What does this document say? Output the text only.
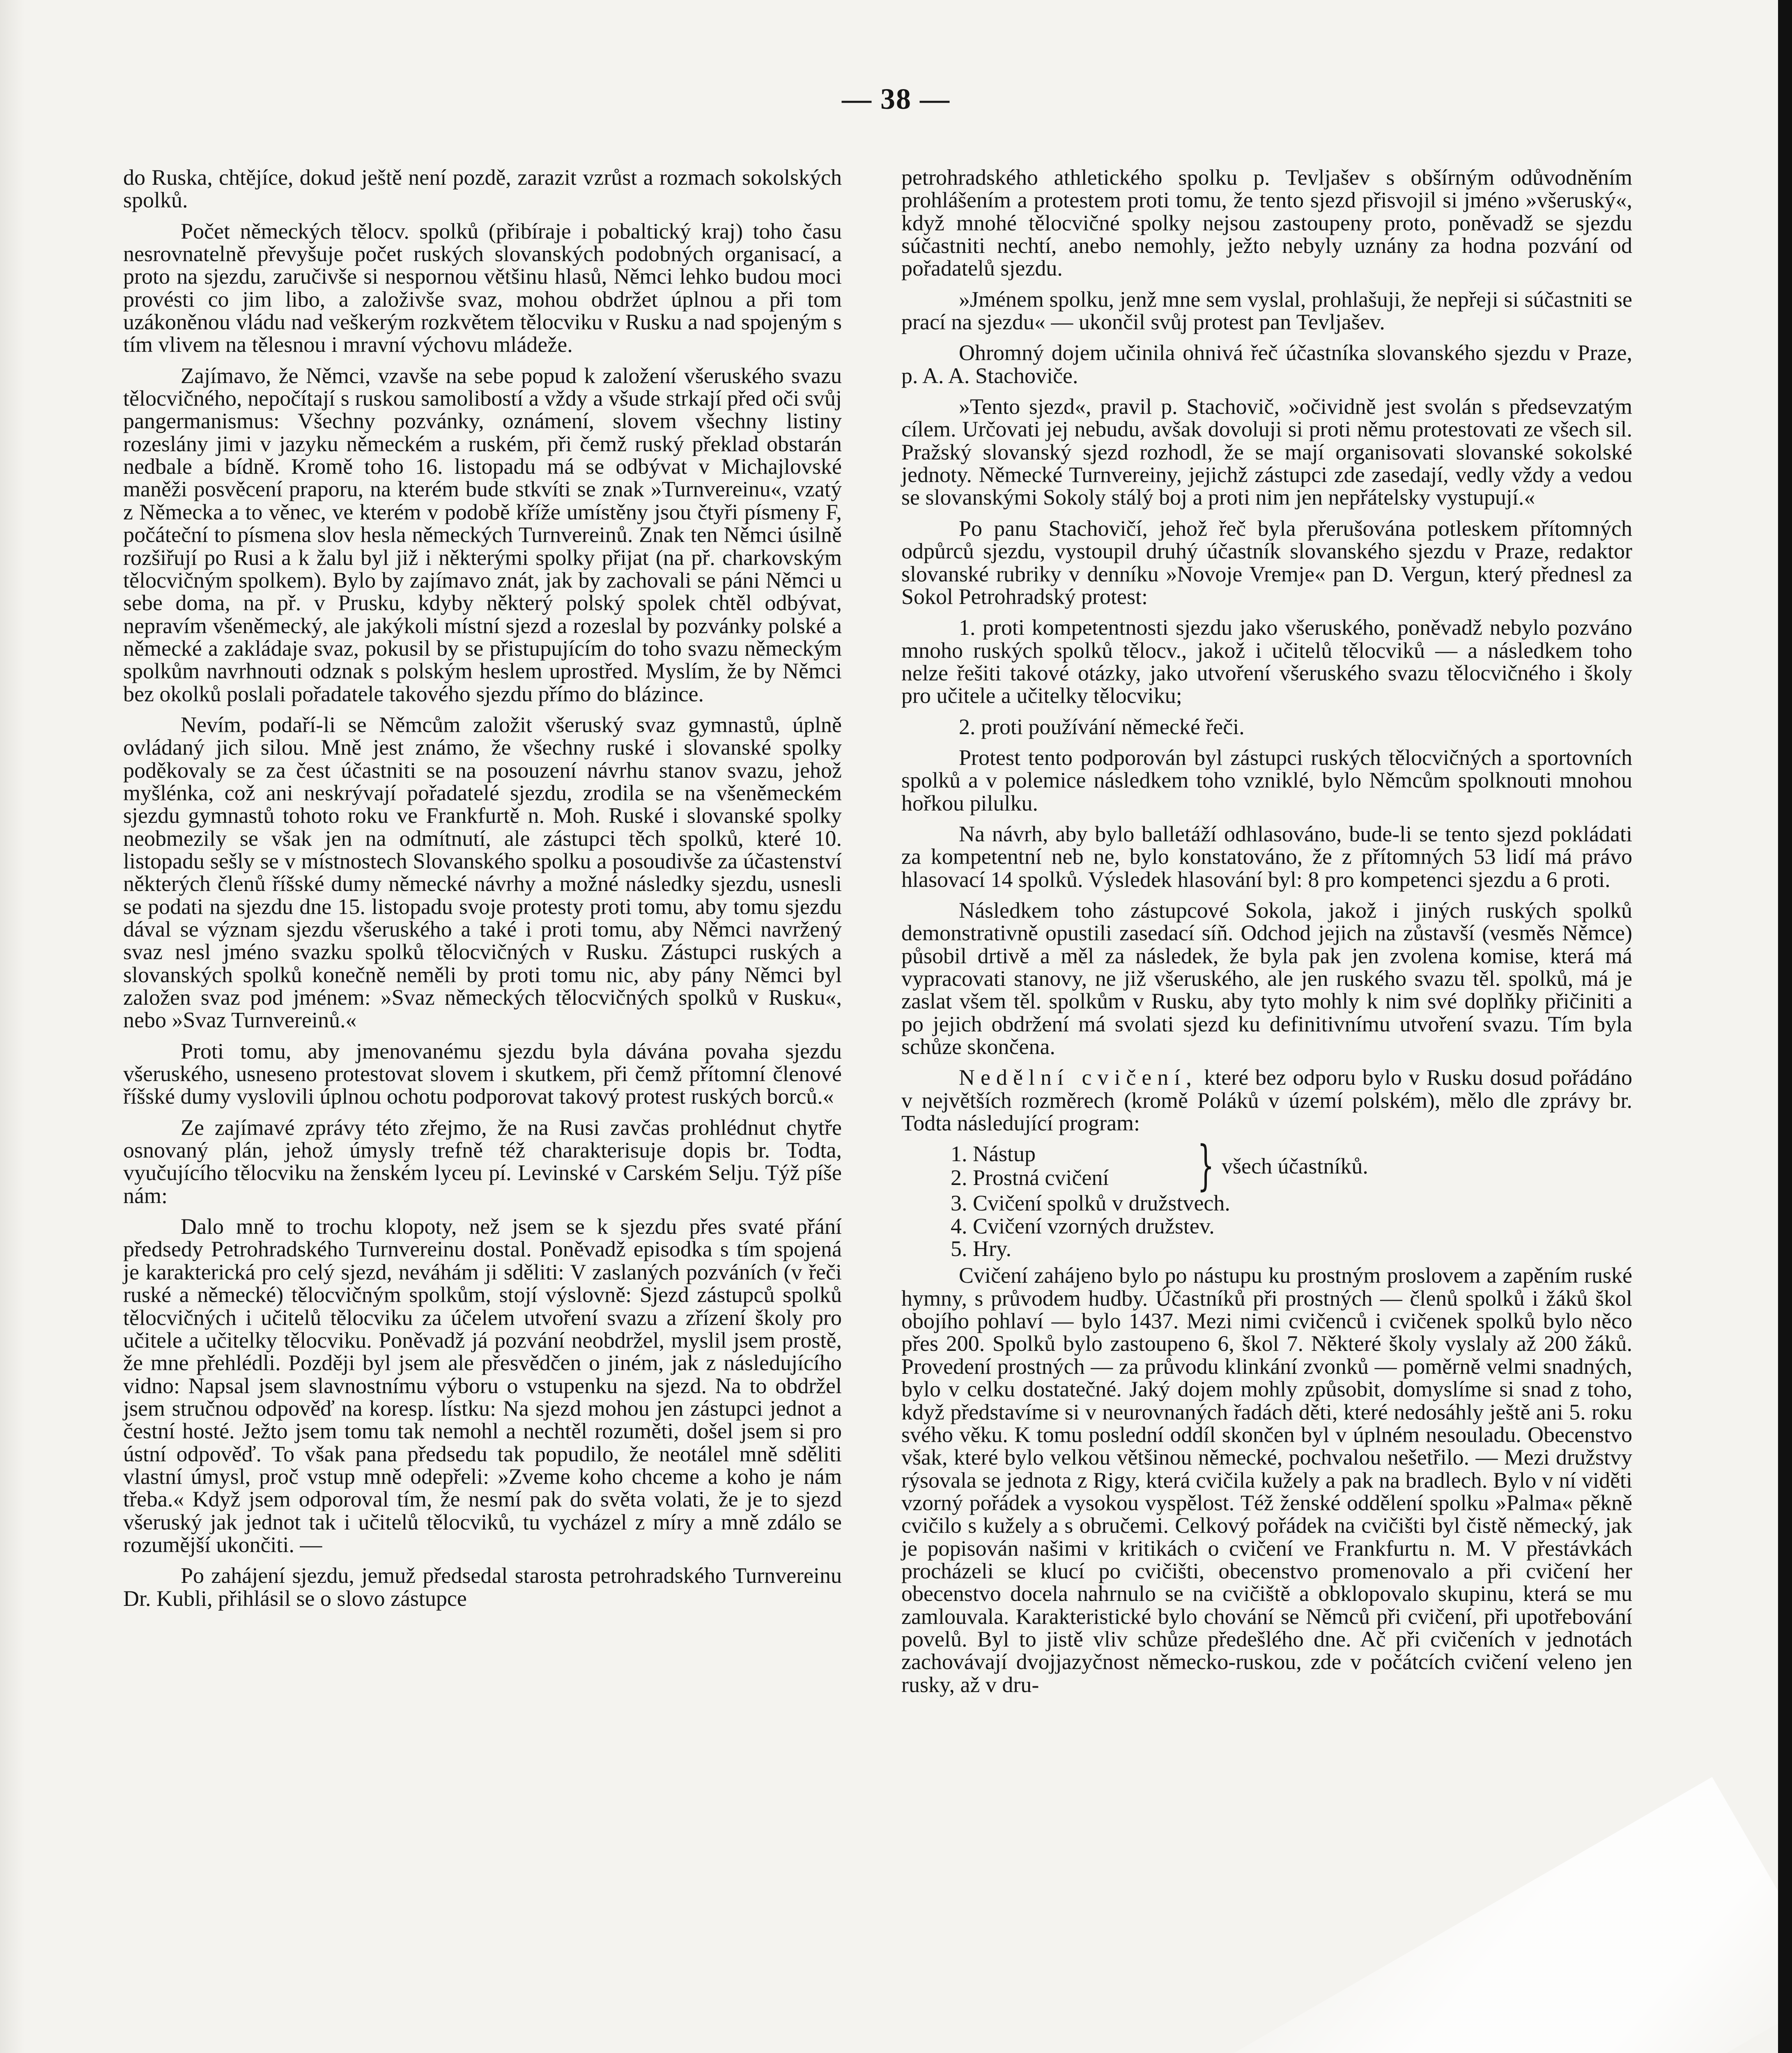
— 38 —

do Ruska, chtějíce, dokud ještě není pozdě, zarazit vzrůst a rozmach sokolských spolků.

Počet německých tělocv. spolků (přibíraje i pobaltický kraj) toho času nesrovnatelně převyšuje počet ruských slovanských podobných organisací, a proto na sjezdu, zaručivše si nespornou většinu hlasů, Němci lehko budou moci provésti co jim libo, a založivše svaz, mohou obdržet úplnou a při tom uzákoněnou vládu nad veškerým rozkvětem tělocviku v Rusku a nad spojeným s tím vlivem na tělesnou i mravní výchovu mládeže.

Zajímavo, že Němci, vzavše na sebe popud k založení všeruského svazu tělocvičného, nepočítají s ruskou samolibostí a vždy a všude strkají před oči svůj pangermanismus: Všechny pozvánky, oznámení, slovem všechny listiny rozeslány jimi v jazyku německém a ruském, při čemž ruský překlad obstarán nedbale a bídně. Kromě toho 16. listopadu má se odbývat v Michajlovské maněži posvěcení praporu, na kterém bude stkvíti se znak »Turnvereinu«, vzatý z Německa a to věnec, ve kterém v podobě kříže umístěny jsou čtyři písmeny F, počáteční to písmena slov hesla německých Turnvereinů. Znak ten Němci úsilně rozšiřují po Rusi a k žalu byl již i některými spolky přijat (na př. charkovským tělocvičným spolkem). Bylo by zajímavo znát, jak by zachovali se páni Němci u sebe doma, na př. v Prusku, kdyby některý polský spolek chtěl odbývat, nepravím všeněmecký, ale jakýkoli místní sjezd a rozeslal by pozvánky polské a německé a zakládaje svaz, pokusil by se přistupujícím do toho svazu německým spolkům navrhnouti odznak s polským heslem uprostřed. Myslím, že by Němci bez okolků poslali pořadatele takového sjezdu přímo do blázince.

Nevím, podaří-li se Němcům založit všeruský svaz gymnastů, úplně ovládaný jich silou. Mně jest známo, že všechny ruské i slovanské spolky poděkovaly se za čest účastniti se na posouzení návrhu stanov svazu, jehož myšlénka, což ani neskrývají pořadatelé sjezdu, zrodila se na všeněmeckém sjezdu gymnastů tohoto roku ve Frankfurtě n. Moh. Ruské i slovanské spolky neobmezily se však jen na odmítnutí, ale zástupci těch spolků, které 10. listopadu sešly se v místnostech Slovanského spolku a posoudivše za účastenství některých členů říšské dumy německé návrhy a možné následky sjezdu, usnesli se podati na sjezdu dne 15. listopadu svoje protesty proti tomu, aby tomu sjezdu dával se význam sjezdu všeruského a také i proti tomu, aby Němci navržený svaz nesl jméno svazku spolků tělocvičných v Rusku. Zástupci ruských a slovanských spolků konečně neměli by proti tomu nic, aby pány Němci byl založen svaz pod jménem: »Svaz německých tělocvičných spolků v Rusku«, nebo »Svaz Turnvereinů.«

Proti tomu, aby jmenovanému sjezdu byla dávána povaha sjezdu všeruského, usneseno protestovat slovem i skutkem, při čemž přítomní členové říšské dumy vyslovili úplnou ochotu podporovat takový protest ruských borců.«

Ze zajímavé zprávy této zřejmo, že na Rusi zavčas prohlédnut chytře osnovaný plán, jehož úmysly trefně též charakterisuje dopis br. Todta, vyučujícího tělocviku na ženském lyceu pí. Levinské v Carském Selju. Týž píše nám:

Dalo mně to trochu klopoty, než jsem se k sjezdu přes svaté přání předsedy Petrohradského Turnvereinu dostal. Poněvadž episodka s tím spojená je karakterická pro celý sjezd, neváhám ji sděliti: V zaslaných pozváních (v řeči ruské a německé) tělocvičným spolkům, stojí výslovně: Sjezd zástupců spolků tělocvičných i učitelů tělocviku za účelem utvoření svazu a zřízení školy pro učitele a učitelky tělocviku. Poněvadž já pozvání neobdržel, myslil jsem prostě, že mne přehlédli. Později byl jsem ale přesvědčen o jiném, jak z následujícího vidno: Napsal jsem slavnostnímu výboru o vstupenku na sjezd. Na to obdržel jsem stručnou odpověď na koresp. lístku: Na sjezd mohou jen zástupci jednot a čestní hosté. Ježto jsem tomu tak nemohl a nechtěl rozuměti, došel jsem si pro ústní odpověď. To však pana předsedu tak popudilo, že neotálel mně sděliti vlastní úmysl, proč vstup mně odepřeli: »Zveme koho chceme a koho je nám třeba.« Když jsem odporoval tím, že nesmí pak do světa volati, že je to sjezd všeruský jak jednot tak i učitelů tělocviků, tu vycházel z míry a mně zdálo se rozumější ukončiti. —

Po zahájení sjezdu, jemuž předsedal starosta petrohradského Turnvereinu Dr. Kubli, přihlásil se o slovo zástupce

petrohradského athletického spolku p. Tevljašev s obšírným odůvodněním prohlášením a protestem proti tomu, že tento sjezd přisvojil si jméno »všeruský«, když mnohé tělocvičné spolky nejsou zastoupeny proto, poněvadž se sjezdu súčastniti nechtí, anebo nemohly, ježto nebyly uznány za hodna pozvání od pořadatelů sjezdu.

»Jménem spolku, jenž mne sem vyslal, prohlašuji, že nepřeji si súčastniti se prací na sjezdu« — ukončil svůj protest pan Tevljašev.

Ohromný dojem učinila ohnivá řeč účastníka slovanského sjezdu v Praze, p. A. A. Stachoviče.

»Tento sjezd«, pravil p. Stachovič, »očividně jest svolán s předsevzatým cílem. Určovati jej nebudu, avšak dovoluji si proti němu protestovati ze všech sil. Pražský slovanský sjezd rozhodl, že se mají organisovati slovanské sokolské jednoty. Německé Turnvereiny, jejichž zástupci zde zasedají, vedly vždy a vedou se slovanskými Sokoly stálý boj a proti nim jen nepřátelsky vystupují.«

Po panu Stachovičí, jehož řeč byla přerušována potleskem přítomných odpůrců sjezdu, vystoupil druhý účastník slovanského sjezdu v Praze, redaktor slovanské rubriky v denníku »Novoje Vremje« pan D. Vergun, který přednesl za Sokol Petrohradský protest:

1. proti kompetentnosti sjezdu jako všeruského, poněvadž nebylo pozváno mnoho ruských spolků tělocv., jakož i učitelů tělocviků — a následkem toho nelze řešiti takové otázky, jako utvoření všeruského svazu tělocvičného i školy pro učitele a učitelky tělocviku;

2. proti používání německé řeči.

Protest tento podporován byl zástupci ruských tělocvičných a sportovních spolků a v polemice následkem toho vzniklé, bylo Němcům spolknouti mnohou hořkou pilulku.

Na návrh, aby bylo balletáží odhlasováno, bude-li se tento sjezd pokládati za kompetentní neb ne, bylo konstatováno, že z přítomných 53 lidí má právo hlasovací 14 spolků. Výsledek hlasování byl: 8 pro kompetenci sjezdu a 6 proti.

Následkem toho zástupcové Sokola, jakož i jiných ruských spolků demonstrativně opustili zasedací síň. Odchod jejich na zůstavší (vesměs Němce) působil drtivě a měl za následek, že byla pak jen zvolena komise, která má vypracovati stanovy, ne již všeruského, ale jen ruského svazu těl. spolků, má je zaslat všem těl. spolkům v Rusku, aby tyto mohly k nim své doplňky přičiniti a po jejich obdržení má svolati sjezd ku definitivnímu utvoření svazu. Tím byla schůze skončena.

Nedělní cvičení, které bez odporu bylo v Rusku dosud pořádáno v největších rozměrech (kromě Poláků v území polském), mělo dle zprávy br. Todta následující program:

1. Nástup
2. Prostná cvičení } všech účastníků.
3. Cvičení spolků v družstvech.
4. Cvičení vzorných družstev.
5. Hry.

Cvičení zahájeno bylo po nástupu ku prostným proslovem a zapěním ruské hymny, s průvodem hudby. Účastníků při prostných — členů spolků i žáků škol obojího pohlaví — bylo 1437. Mezi nimi cvičenců i cvičenek spolků bylo něco přes 200. Spolků bylo zastoupeno 6, škol 7. Některé školy vyslaly až 200 žáků. Provedení prostných — za průvodu klinkání zvonků — poměrně velmi snadných, bylo v celku dostatečné. Jaký dojem mohly způsobit, domyslíme si snad z toho, když představíme si v neurovnaných řadách děti, které nedosáhly ještě ani 5. roku svého věku. K tomu poslední oddíl skončen byl v úplném nesouladu. Obecenstvo však, které bylo velkou většinou německé, pochvalou nešetřilo. — Mezi družstvy rýsovala se jednota z Rigy, která cvičila kužely a pak na bradlech. Bylo v ní viděti vzorný pořádek a vysokou vyspělost. Též ženské oddělení spolku »Palma« pěkně cvičilo s kužely a s obručemi. Celkový pořádek na cvičišti byl čistě německý, jak je popisován našimi v kritikách o cvičení ve Frankfurtu n. M. V přestávkách procházeli se klucí po cvičišti, obecenstvo promenovalo a při cvičení her obecenstvo docela nahrnulo se na cvičiště a obklopovalo skupinu, která se mu zamlouvala. Karakteristické bylo chování se Němců při cvičení, při upotřebování povelů. Byl to jistě vliv schůze předešlého dne. Ač při cvičeních v jednotách zachovávají dvojjazyčnost německo-ruskou, zde v počátcích cvičení veleno jen rusky, až v dru-
